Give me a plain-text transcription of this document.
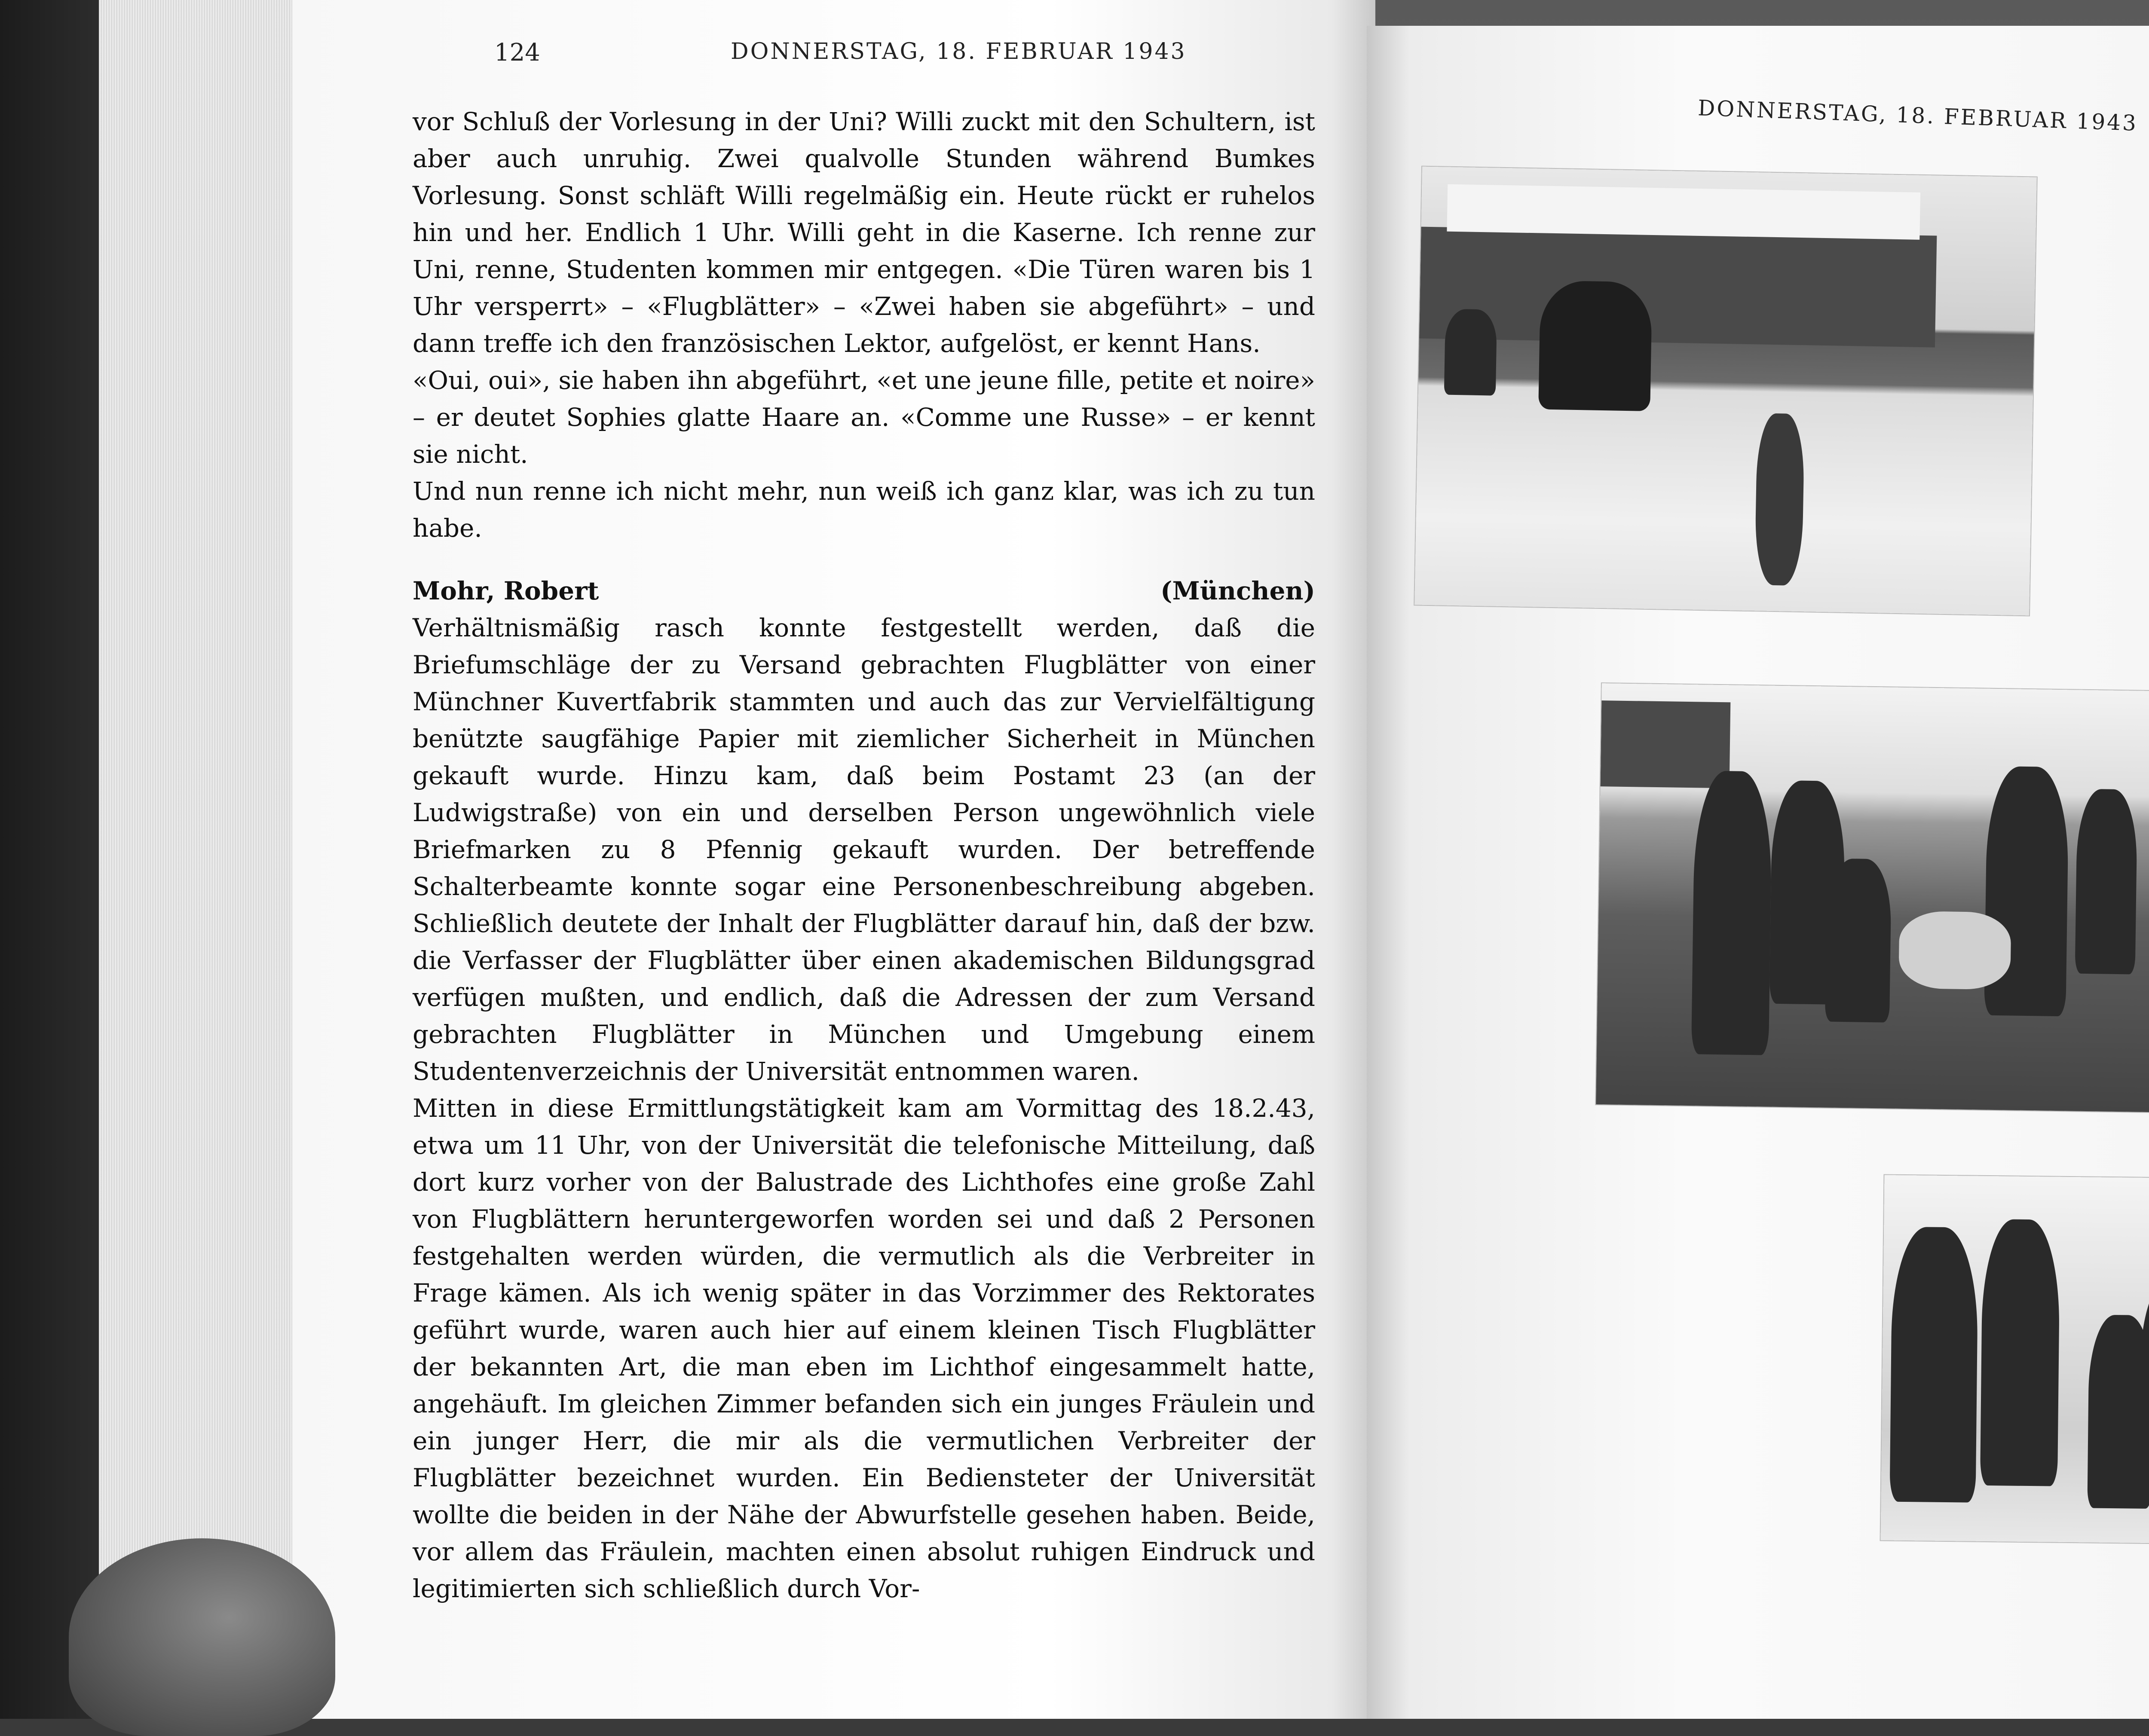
124	DONNERSTAG, 18. FEBRUAR 1943
DONNERSTAG, 18. FEBRUAR 1943

vor Schluß der Vorlesung in der Uni? Willi zuckt mit den Schultern, ist aber auch unruhig. Zwei qualvolle Stunden während Bumkes Vorlesung. Sonst schläft Willi regelmäßig ein. Heute rückt er ruhelos hin und her. Endlich 1 Uhr. Willi geht in die Kaserne. Ich renne zur Uni, renne, Studenten kommen mir entgegen. «Die Türen waren bis 1 Uhr versperrt» – «Flugblätter» – «Zwei haben sie abgeführt» – und dann treffe ich den französischen Lektor, aufgelöst, er kennt Hans.

«Oui, oui», sie haben ihn abgeführt, «et une jeune fille, petite et noire» – er deutet Sophies glatte Haare an. «Comme une Russe» – er kennt sie nicht.

Und nun renne ich nicht mehr, nun weiß ich ganz klar, was ich zu tun habe.

Mohr, Robert	(München)

Verhältnismäßig rasch konnte festgestellt werden, daß die Briefumschläge der zu Versand gebrachten Flugblätter von einer Münchner Kuvertfabrik stammten und auch das zur Vervielfältigung benützte saugfähige Papier mit ziemlicher Sicherheit in München gekauft wurde. Hinzu kam, daß beim Postamt 23 (an der Ludwigstraße) von ein und derselben Person ungewöhnlich viele Briefmarken zu 8 Pfennig gekauft wurden. Der betreffende Schalterbeamte konnte sogar eine Personenbeschreibung abgeben. Schließlich deutete der Inhalt der Flugblätter darauf hin, daß der bzw. die Verfasser der Flugblätter über einen akademischen Bildungsgrad verfügen mußten, und endlich, daß die Adressen der zum Versand gebrachten Flugblätter in München und Umgebung einem Studentenverzeichnis der Universität entnommen waren.

Mitten in diese Ermittlungstätigkeit kam am Vormittag des 18.2.43, etwa um 11 Uhr, von der Universität die telefonische Mitteilung, daß dort kurz vorher von der Balustrade des Lichthofes eine große Zahl von Flugblättern heruntergeworfen worden sei und daß 2 Personen festgehalten werden würden, die vermutlich als die Verbreiter in Frage kämen. Als ich wenig später in das Vorzimmer des Rektorates geführt wurde, waren auch hier auf einem kleinen Tisch Flugblätter der bekannten Art, die man eben im Lichthof eingesammelt hatte, angehäuft. Im gleichen Zimmer befanden sich ein junges Fräulein und ein junger Herr, die mir als die vermutlichen Verbreiter der Flugblätter bezeichnet wurden. Ein Bediensteter der Universität wollte die beiden in der Nähe der Abwurfstelle gesehen haben. Beide, vor allem das Fräulein, machten einen absolut ruhigen Eindruck und legitimierten sich schließlich durch Vor-
